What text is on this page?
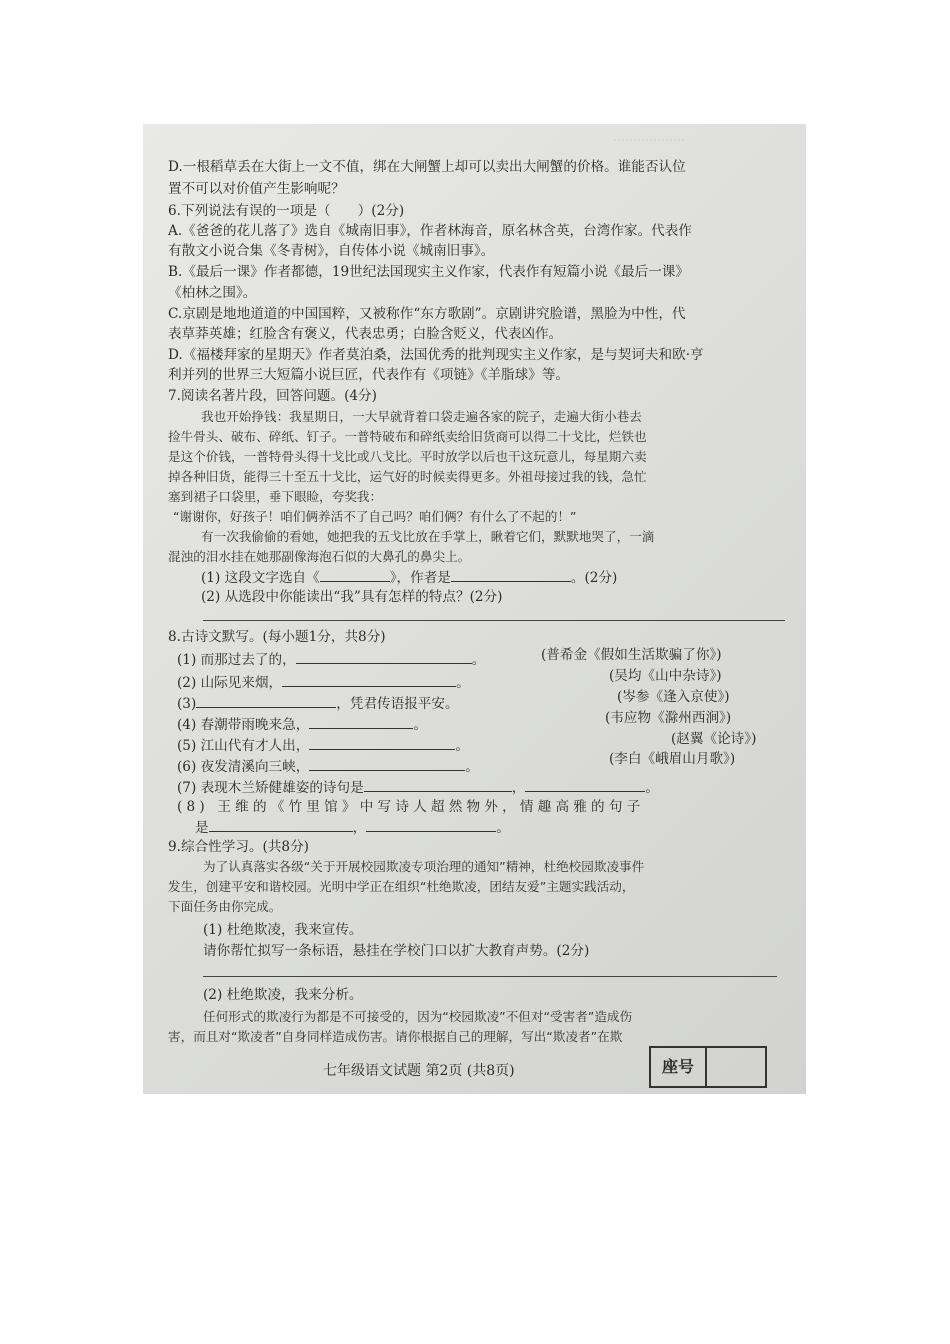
………………
D.一根稻草丢在大街上一文不值，绑在大闸蟹上却可以卖出大闸蟹的价格。谁能否认位
置不可以对价值产生影响呢？
6.下列说法有误的一项是（　　）(2分)
A.《爸爸的花儿落了》选自《城南旧事》，作者林海音，原名林含英，台湾作家。代表作
有散文小说合集《冬青树》，自传体小说《城南旧事》。
B.《最后一课》作者都德，19世纪法国现实主义作家，代表作有短篇小说《最后一课》
《柏林之围》。
C.京剧是地地道道的中国国粹，又被称作“东方歌剧”。京剧讲究脸谱，黑脸为中性，代
表草莽英雄；红脸含有褒义，代表忠勇；白脸含贬义，代表凶作。
D.《福楼拜家的星期天》作者莫泊桑，法国优秀的批判现实主义作家，是与契诃夫和欧·亨
利并列的世界三大短篇小说巨匠，代表作有《项链》《羊脂球》等。
7.阅读名著片段，回答问题。(4分)
我也开始挣钱：我星期日，一大早就背着口袋走遍各家的院子，走遍大街小巷去
捡牛骨头、破布、碎纸、钉子。一普特破布和碎纸卖给旧货商可以得二十戈比，烂铁也
是这个价钱，一普特骨头得十戈比或八戈比。平时放学以后也干这玩意儿，每星期六卖
掉各种旧货，能得三十至五十戈比，运气好的时候卖得更多。外祖母接过我的钱，急忙
塞到裙子口袋里，垂下眼睑，夸奖我：
“谢谢你，好孩子！咱们俩养活不了自己吗？咱们俩？有什么了不起的！”
有一次我偷偷的看她，她把我的五戈比放在手掌上，瞅着它们，默默地哭了，一滴
混浊的泪水挂在她那副像海泡石似的大鼻孔的鼻尖上。
(1) 这段文字选自《	》，作者是	。(2分)
(2) 从选段中你能读出“我”具有怎样的特点？(2分)
8.古诗文默写。(每小题1分，共8分)
(1) 而那过去了的，	。	(普希金《假如生活欺骗了你》)
(2) 山际见来烟，	。	(吴均《山中杂诗》)
(3)	，凭君传语报平安。	(岑参《逢入京使》)
(4) 春潮带雨晚来急，	。	(韦应物《滁州西涧》)
(5) 江山代有才人出，	。	(赵翼《论诗》)
(6) 夜发清溪向三峡，	。	(李白《峨眉山月歌》)
(7) 表现木兰矫健雄姿的诗句是	，	。
(8) 王维的《竹里馆》中写诗人超然物外，情趣高雅的句子
是	，	。
9.综合性学习。(共8分)
为了认真落实各级“关于开展校园欺凌专项治理的通知”精神，杜绝校园欺凌事件
发生，创建平安和谐校园。光明中学正在组织“杜绝欺凌，团结友爱”主题实践活动，
下面任务由你完成。
(1) 杜绝欺凌，我来宣传。
请你帮忙拟写一条标语，悬挂在学校门口以扩大教育声势。(2分)
(2) 杜绝欺凌，我来分析。
任何形式的欺凌行为都是不可接受的，因为“校园欺凌”不但对“受害者”造成伤
害，而且对“欺凌者”自身同样造成伤害。请你根据自己的理解，写出“欺凌者”在欺
七年级语文试题 第2页 (共8页)	座号
